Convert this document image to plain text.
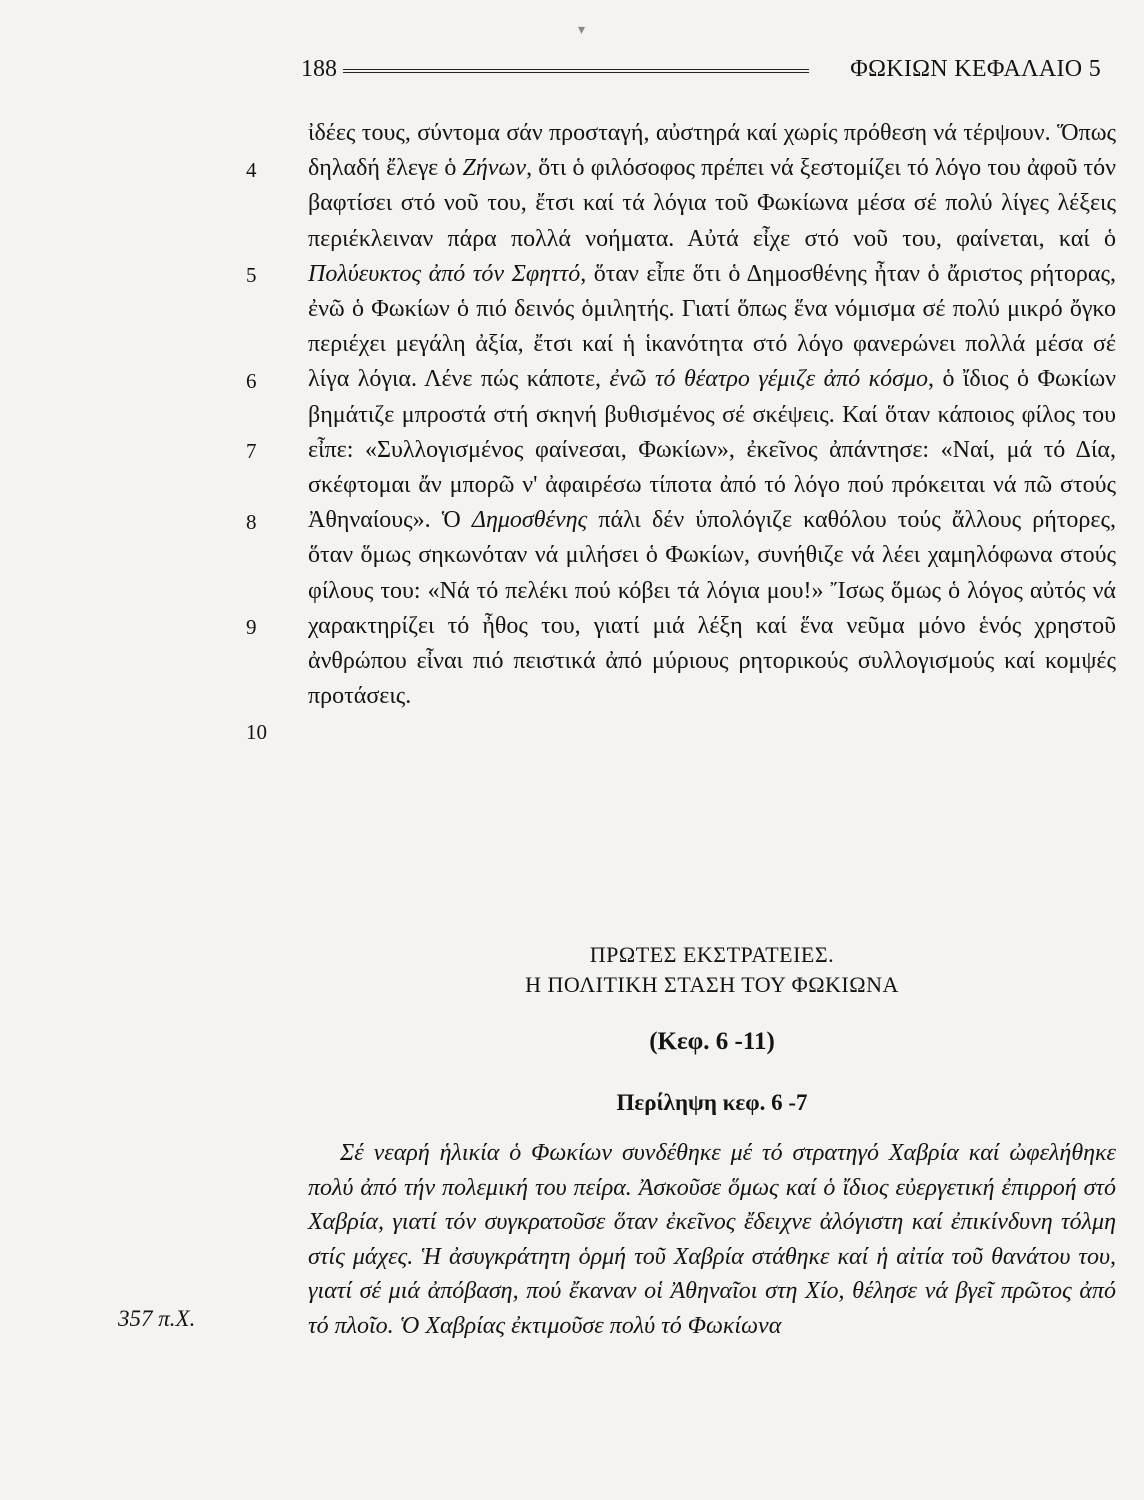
▾
188	ΦΩΚΙΩΝ ΚΕΦΑΛΑΙΟ 5
4
5
6
7
8
9
10

ἰδέες τους, σύντομα σάν προσταγή, αὐστηρά καί χωρίς πρόθεση νά τέρψουν. Ὅπως δηλαδή ἔλεγε ὁ Ζήνων, ὅτι ὁ φιλόσοφος πρέπει νά ξεστομίζει τό λόγο του ἀφοῦ τόν βαφτίσει στό νοῦ του, ἔτσι καί τά λόγια τοῦ Φωκίωνα μέσα σέ πολύ λίγες λέξεις περιέκλειναν πάρα πολλά νοήματα. Αὐτά εἶχε στό νοῦ του, φαίνεται, καί ὁ Πολύευκτος ἀπό τόν Σφηττό, ὅταν εἶπε ὅτι ὁ Δημοσθένης ἦταν ὁ ἄριστος ρήτορας, ἐνῶ ὁ Φωκίων ὁ πιό δεινός ὁμιλητής. Γιατί ὅπως ἕνα νόμισμα σέ πολύ μικρό ὄγκο περιέχει μεγάλη ἀξία, ἔτσι καί ἡ ἱκανότητα στό λόγο φανερώνει πολλά μέσα σέ λίγα λόγια. Λένε πώς κάποτε, ἐνῶ τό θέατρο γέμιζε ἀπό κόσμο, ὁ ἴδιος ὁ Φωκίων βημάτιζε μπροστά στή σκηνή βυθισμένος σέ σκέψεις. Καί ὅταν κάποιος φίλος του εἶπε: «Συλλογισμένος φαίνεσαι, Φωκίων», ἐκεῖνος ἀπάντησε: «Ναί, μά τό Δία, σκέφτομαι ἄν μπορῶ ν' ἀφαιρέσω τίποτα ἀπό τό λόγο πού πρόκειται νά πῶ στούς Ἀθηναίους». Ὁ Δημοσθένης πάλι δέν ὑπολόγιζε καθόλου τούς ἄλλους ρήτορες, ὅταν ὅμως σηκωνόταν νά μιλήσει ὁ Φωκίων, συνήθιζε νά λέει χαμηλόφωνα στούς φίλους του: «Νά τό πελέκι πού κόβει τά λόγια μου!» Ἴσως ὅμως ὁ λόγος αὐτός νά χαρακτηρίζει τό ἦθος του, γιατί μιά λέξη καί ἕνα νεῦμα μόνο ἑνός χρηστοῦ ἀνθρώπου εἶναι πιό πειστικά ἀπό μύριους ρητορικούς συλλογισμούς καί κομψές προτάσεις.

ΠΡΩΤΕΣ ΕΚΣΤΡΑΤΕΙΕΣ.
Η ΠΟΛΙΤΙΚΗ ΣΤΑΣΗ ΤΟΥ ΦΩΚΙΩΝΑ
(Κεφ. 6 -11)
Περίληψη κεφ. 6 -7

Σέ νεαρή ἡλικία ὁ Φωκίων συνδέθηκε μέ τό στρατηγό Χαβρία καί ὠφελήθηκε πολύ ἀπό τήν πολεμική του πείρα. Ἀσκοῦσε ὅμως καί ὁ ἴδιος εὐεργετική ἐπιρροή στό Χαβρία, γιατί τόν συγκρατοῦσε ὅταν ἐκεῖνος ἔδειχνε ἀλόγιστη καί ἐπικίνδυνη τόλμη στίς μάχες. Ἡ ἀσυγκράτητη ὁρμή τοῦ Χαβρία στάθηκε καί ἡ αἰτία τοῦ θανάτου του, γιατί σέ μιά ἀπόβαση, πού ἔκαναν οἱ Ἀθηναῖοι στη Χίο, θέλησε νά βγεῖ πρῶτος ἀπό τό πλοῖο. Ὁ Χαβρίας ἐκτιμοῦσε πολύ τό Φωκίωνα

357 π.Χ.
